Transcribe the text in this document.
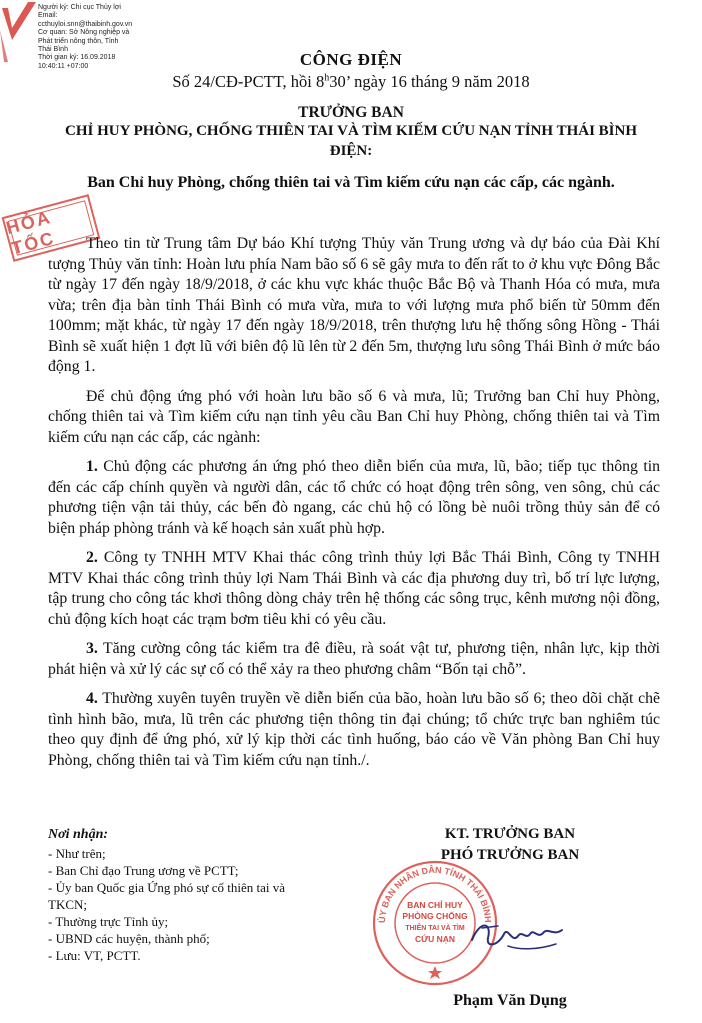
Người ký: Chi cục Thủy lợi
Email:
ccthuyloi.snn@thaibinh.gov.vn
Cơ quan: Sở Nông nghiệp và
Phát triển nông thôn, Tỉnh
Thái Bình
Thời gian ký: 16.09.2018
10:40:11 +07:00	CÔNG ĐIỆN
Số 24/CĐ-PCTT, hồi 8$^h$30’ ngày 16 tháng 9 năm 2018
TRƯỞNG BAN
CHỈ HUY PHÒNG, CHỐNG THIÊN TAI VÀ TÌM KIẾM CỨU NẠN TỈNH THÁI BÌNH
ĐIỆN:
Ban Chỉ huy Phòng, chống thiên tai và Tìm kiếm cứu nạn các cấp, các ngành.
HỎA TỐC	Theo tin từ Trung tâm Dự báo Khí tượng Thủy văn Trung ương và dự báo của Đài Khí tượng Thủy văn tỉnh: Hoàn lưu phía Nam bão số 6 sẽ gây mưa to đến rất to ở khu vực Đông Bắc từ ngày 17 đến ngày 18/9/2018, ở các khu vực khác thuộc Bắc Bộ và Thanh Hóa có mưa, mưa vừa; trên địa bàn tỉnh Thái Bình có mưa vừa, mưa to với lượng mưa phổ biến từ 50mm đến 100mm; mặt khác, từ ngày 17 đến ngày 18/9/2018, trên thượng lưu hệ thống sông Hồng - Thái Bình sẽ xuất hiện 1 đợt lũ với biên độ lũ lên từ 2 đến 5m, thượng lưu sông Thái Bình ở mức báo động 1.

Để chủ động ứng phó với hoàn lưu bão số 6 và mưa, lũ; Trưởng ban Chỉ huy Phòng, chống thiên tai và Tìm kiếm cứu nạn tỉnh yêu cầu Ban Chỉ huy Phòng, chống thiên tai và Tìm kiếm cứu nạn các cấp, các ngành:

1. Chủ động các phương án ứng phó theo diễn biến của mưa, lũ, bão; tiếp tục thông tin đến các cấp chính quyền và người dân, các tổ chức có hoạt động trên sông, ven sông, chủ các phương tiện vận tải thủy, các bến đò ngang, các chủ hộ có lồng bè nuôi trồng thủy sản để có biện pháp phòng tránh và kế hoạch sản xuất phù hợp.

2. Công ty TNHH MTV Khai thác công trình thủy lợi Bắc Thái Bình, Công ty TNHH MTV Khai thác công trình thủy lợi Nam Thái Bình và các địa phương duy trì, bố trí lực lượng, tập trung cho công tác khơi thông dòng chảy trên hệ thống các sông trục, kênh mương nội đồng, chủ động kích hoạt các trạm bơm tiêu khi có yêu cầu.

3. Tăng cường công tác kiểm tra đê điều, rà soát vật tư, phương tiện, nhân lực, kịp thời phát hiện và xử lý các sự cố có thể xảy ra theo phương châm “Bốn tại chỗ”.

4. Thường xuyên tuyên truyền về diễn biến của bão, hoàn lưu bão số 6; theo dõi chặt chẽ tình hình bão, mưa, lũ trên các phương tiện thông tin đại chúng; tổ chức trực ban nghiêm túc theo quy định để ứng phó, xử lý kịp thời các tình huống, báo cáo về Văn phòng Ban Chỉ huy Phòng, chống thiên tai và Tìm kiếm cứu nạn tỉnh./.

Nơi nhận:
- Như trên;
- Ban Chỉ đạo Trung ương về PCTT;
- Ủy ban Quốc gia Ứng phó sự cố thiên tai và
TKCN;
- Thường trực Tỉnh ủy;
- UBND các huyện, thành phố;
- Lưu: VT, PCTT.
KT. TRƯỞNG BAN
PHÓ TRƯỞNG BAN
ỦY BAN NHÂN DÂN TỈNH THÁI BÌNH
BAN CHỈ HUY
PHÒNG CHỐNG
THIÊN TAI VÀ TÌM
CỨU NẠN
Phạm Văn Dụng
